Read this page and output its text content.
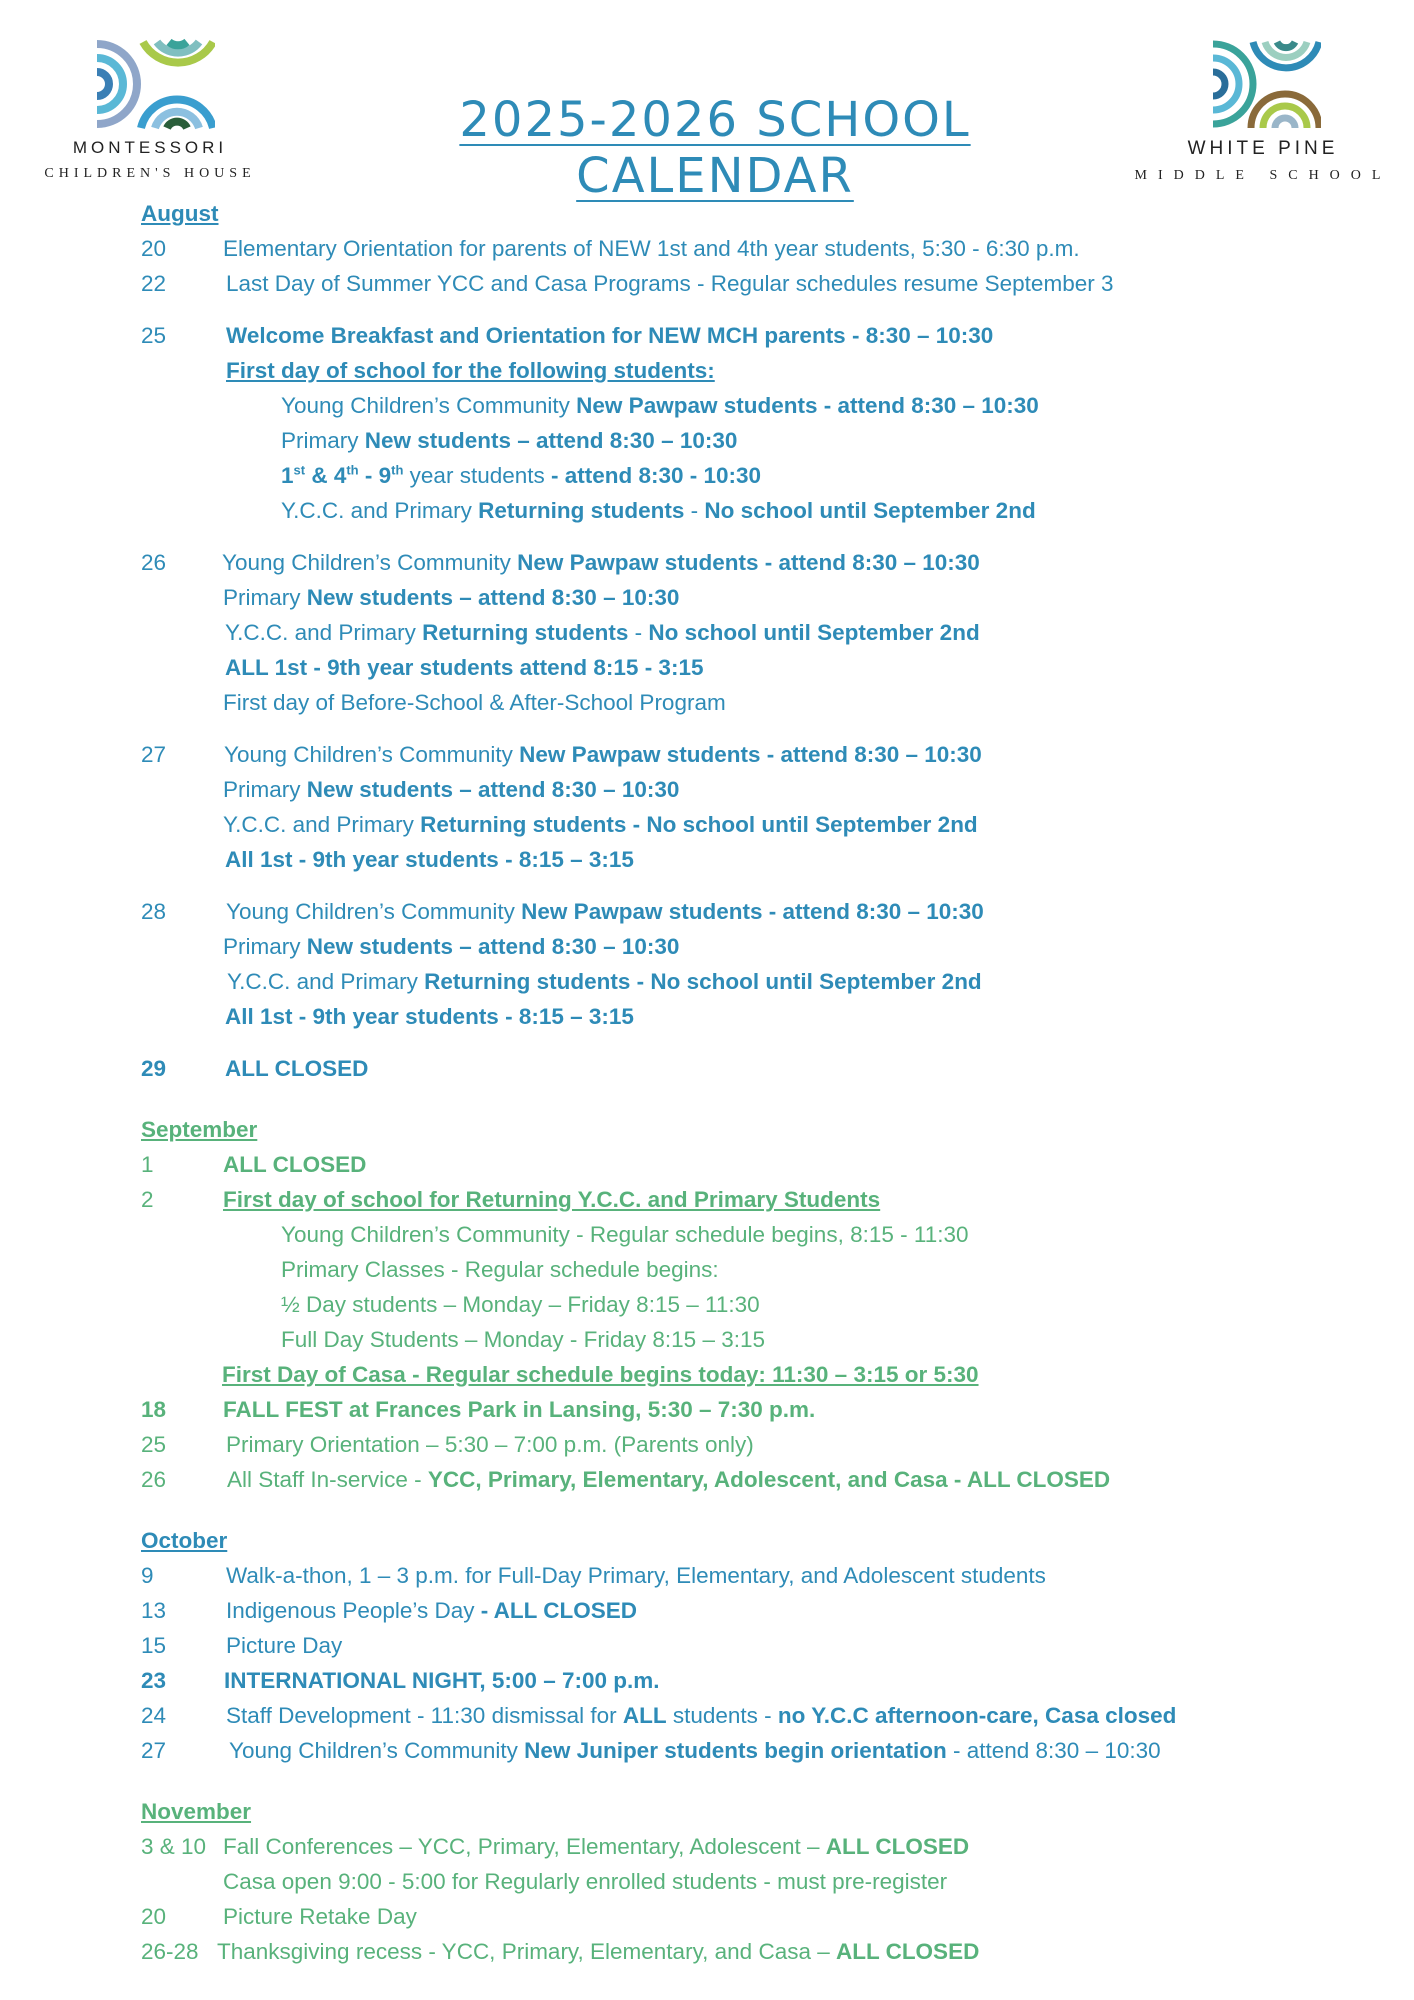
MONTESSORI
CHILDREN'S HOUSE
2025-2026 SCHOOL CALENDAR	WHITE PINE
MIDDLE SCHOOL
August
20	Elementary Orientation for parents of NEW 1st and 4th year students, 5:30 - 6:30 p.m.
22	Last Day of Summer YCC and Casa Programs - Regular schedules resume September 3
25	Welcome Breakfast and Orientation for NEW MCH parents - 8:30 – 10:30
First day of school for the following students:
Young Children’s Community New Pawpaw students - attend 8:30 – 10:30
Primary New students – attend 8:30 – 10:30
1st & 4th - 9th year students - attend 8:30 - 10:30
Y.C.C. and Primary Returning students - No school until September 2nd
26 Young Children’s Community New Pawpaw students - attend 8:30 – 10:30
Primary New students – attend 8:30 – 10:30
Y.C.C. and Primary Returning students - No school until September 2nd
ALL 1st - 9th year students attend 8:15 - 3:15
First day of Before-School & After-School Program
27	Young Children’s Community New Pawpaw students - attend 8:30 – 10:30
Primary New students – attend 8:30 – 10:30
Y.C.C. and Primary Returning students - No school until September 2nd
All 1st - 9th year students - 8:15 – 3:15
28	Young Children’s Community New Pawpaw students - attend 8:30 – 10:30
Primary New students – attend 8:30 – 10:30
Y.C.C. and Primary Returning students - No school until September 2nd
All 1st - 9th year students - 8:15 – 3:15
29	ALL CLOSED
September
1	ALL CLOSED
2	First day of school for Returning Y.C.C. and Primary Students
Young Children’s Community - Regular schedule begins, 8:15 - 11:30
Primary Classes - Regular schedule begins:
½ Day students – Monday – Friday 8:15 – 11:30
Full Day Students – Monday - Friday 8:15 – 3:15
First Day of Casa - Regular schedule begins today: 11:30 – 3:15 or 5:30
18	FALL FEST at Frances Park in Lansing, 5:30 – 7:30 p.m.
25	Primary Orientation – 5:30 – 7:00 p.m. (Parents only)
26	All Staff In-service - YCC, Primary, Elementary, Adolescent, and Casa - ALL CLOSED
October
9	Walk-a-thon, 1 – 3 p.m. for Full-Day Primary, Elementary, and Adolescent students
13	Indigenous People’s Day - ALL CLOSED
15	Picture Day
23	INTERNATIONAL NIGHT, 5:00 – 7:00 p.m.
24	Staff Development - 11:30 dismissal for ALL students - no Y.C.C afternoon-care, Casa closed
27	Young Children’s Community New Juniper students begin orientation - attend 8:30 – 10:30
November
3 & 10 Fall Conferences – YCC, Primary, Elementary, Adolescent – ALL CLOSED
Casa open 9:00 - 5:00 for Regularly enrolled students - must pre-register
20	Picture Retake Day
26-28 Thanksgiving recess - YCC, Primary, Elementary, and Casa – ALL CLOSED
